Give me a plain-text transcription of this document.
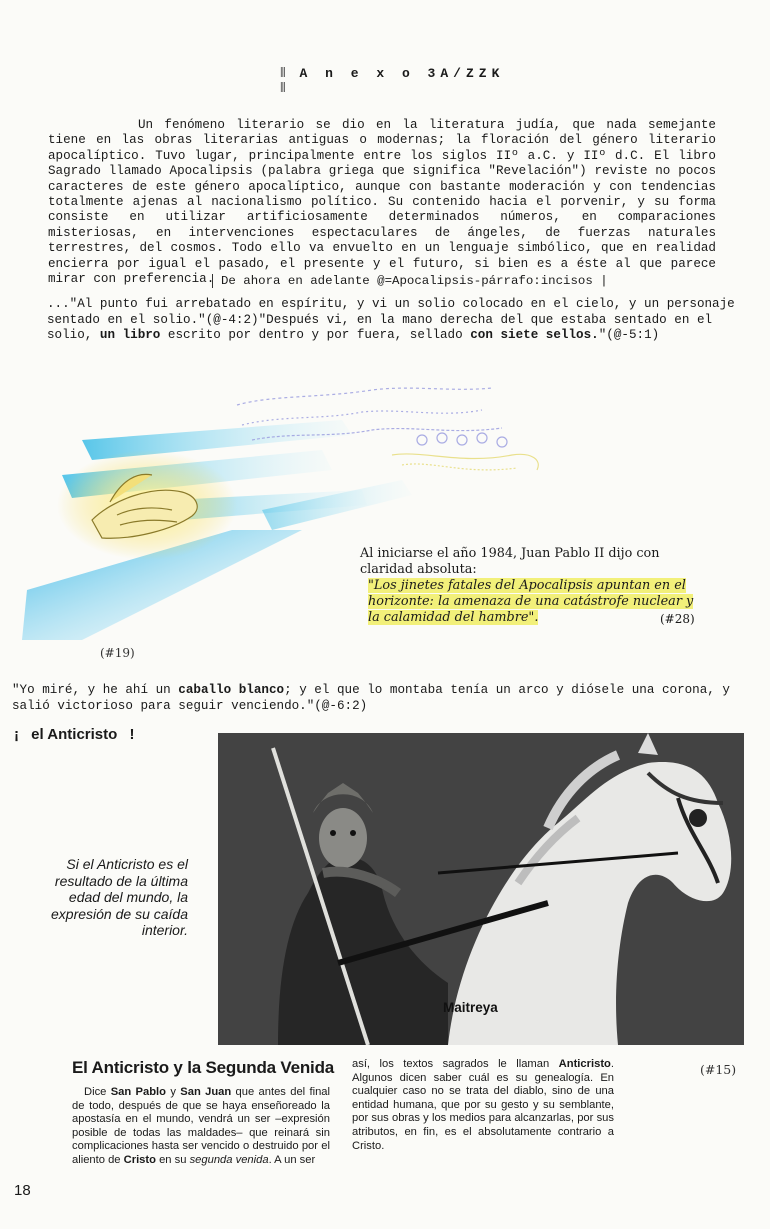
⦀ A n e x o 3A/ZZK ⦀

Un fenómeno literario se dio en la literatura judía, que nada semejante tiene en las obras literarias antiguas o modernas; la floración del género literario apocalíptico. Tuvo lugar, principalmente entre los siglos IIº a.C. y IIº d.C. El libro Sagrado llamado Apocalipsis (palabra griega que significa "Revelación") reviste no pocos caracteres de este género apocalíptico, aunque con bastante moderación y con tendencias totalmente ajenas al nacionalismo político. Su contenido hacia el porvenir, y su forma consiste en utilizar artificiosamente determinados números, en comparaciones misteriosas, en intervenciones espectaculares de ángeles, de fuerzas naturales terrestres, del cosmos. Todo ello va envuelto en un lenguaje simbólico, que en realidad encierra por igual el pasado, el presente y el futuro, si bien es a éste al que parece mirar con preferencia. De ahora en adelante @=Apocalipsis-párrafo:incisos |
..."Al punto fui arrebatado en espíritu, y vi un solio colocado en el cielo, y un personaje sentado en el solio."(@-4:2)"Después vi, en la mano derecha del que estaba sentado en el solio, un libro escrito por dentro y por fuera, sellado con siete sellos."(@-5:1)
(#19)
Al iniciarse el año 1984, Juan Pablo II dijo con claridad absoluta:
"Los jinetes fatales del Apocalipsis apuntan en el horizonte: la amenaza de una catástrofe nuclear y la calamidad del hambre".	(#28)
"Yo miré, y he ahí un caballo blanco; y el que lo montaba tenía un arco y diósele una corona, y salió victorioso para seguir venciendo."(@-6:2)
¡ el Anticristo !
Maitreya
Si el Anticristo es el resultado de la última edad del mundo, la expresión de su caída interior.
El Anticristo y la Segunda Venida

Dice San Pablo y San Juan que antes del final de todo, después de que se haya enseñoreado la apostasía en el mundo, vendrá un ser –expresión posible de todas las maldades– que reinará sin complicaciones hasta ser vencido o destruido por el aliento de Cristo en su segunda venida. A un ser

así, los textos sagrados le llaman Anticristo. Algunos dicen saber cuál es su genealogía. En cualquier caso no se trata del diablo, sino de una entidad humana, que por su gesto y su semblante, por sus obras y los medios para alcanzarlas, por sus atributos, en fin, es el absolutamente contrario a Cristo.

(#15)
18
